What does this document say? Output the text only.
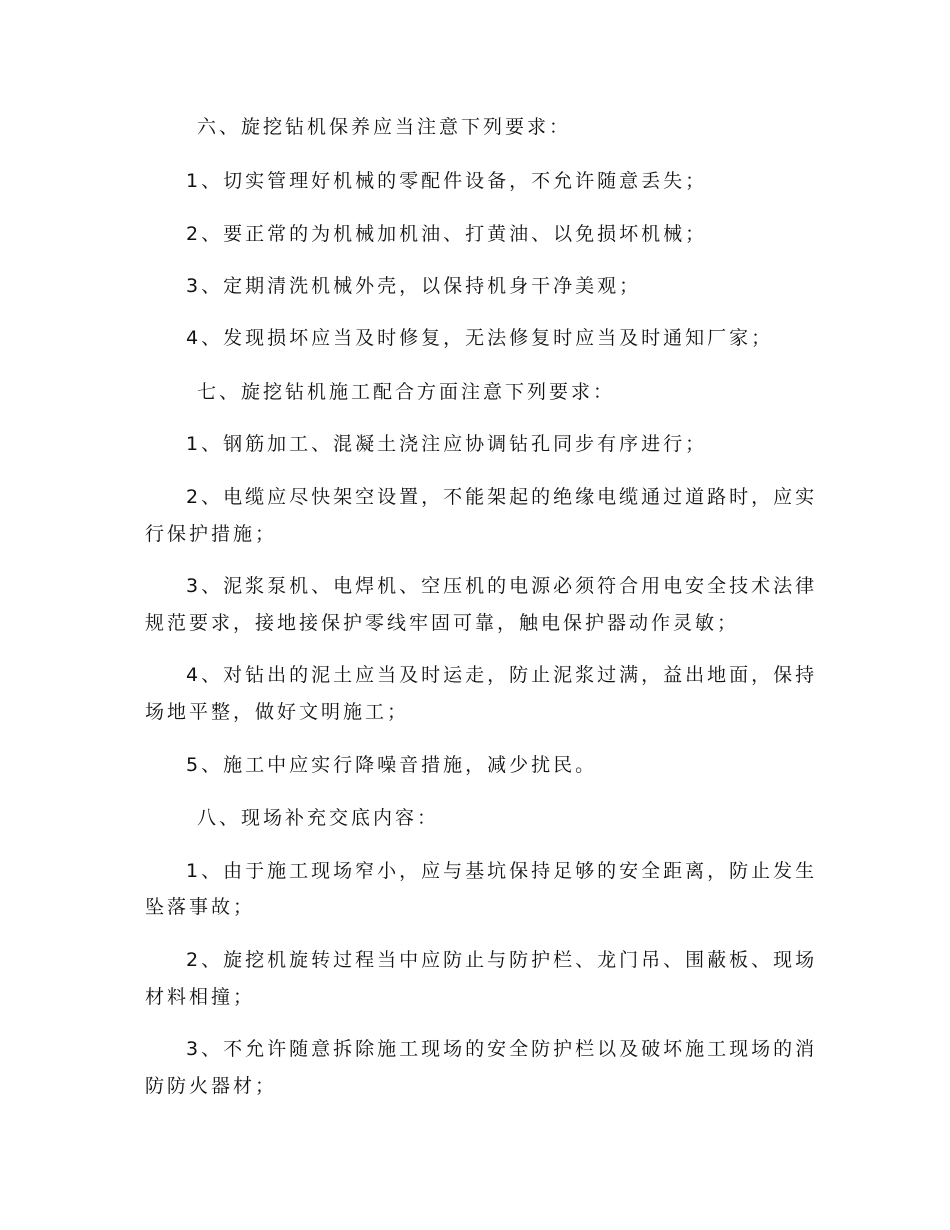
六、旋挖钻机保养应当注意下列要求：
1、切实管理好机械的零配件设备，不允许随意丢失；
2、要正常的为机械加机油、打黄油、以免损坏机械；
3、定期清洗机械外壳，以保持机身干净美观；
4、发现损坏应当及时修复，无法修复时应当及时通知厂家；
七、旋挖钻机施工配合方面注意下列要求：
1、钢筋加工、混凝土浇注应协调钻孔同步有序进行；
2、电缆应尽快架空设置，不能架起的绝缘电缆通过道路时，应实
行保护措施；
3、泥浆泵机、电焊机、空压机的电源必须符合用电安全技术法律
规范要求，接地接保护零线牢固可靠，触电保护器动作灵敏；
4、对钻出的泥土应当及时运走，防止泥浆过满，益出地面，保持
场地平整，做好文明施工；
5、施工中应实行降噪音措施，减少扰民。
八、现场补充交底内容：
1、由于施工现场窄小，应与基坑保持足够的安全距离，防止发生
坠落事故；
2、旋挖机旋转过程当中应防止与防护栏、龙门吊、围蔽板、现场
材料相撞；
3、不允许随意拆除施工现场的安全防护栏以及破坏施工现场的消
防防火器材；
